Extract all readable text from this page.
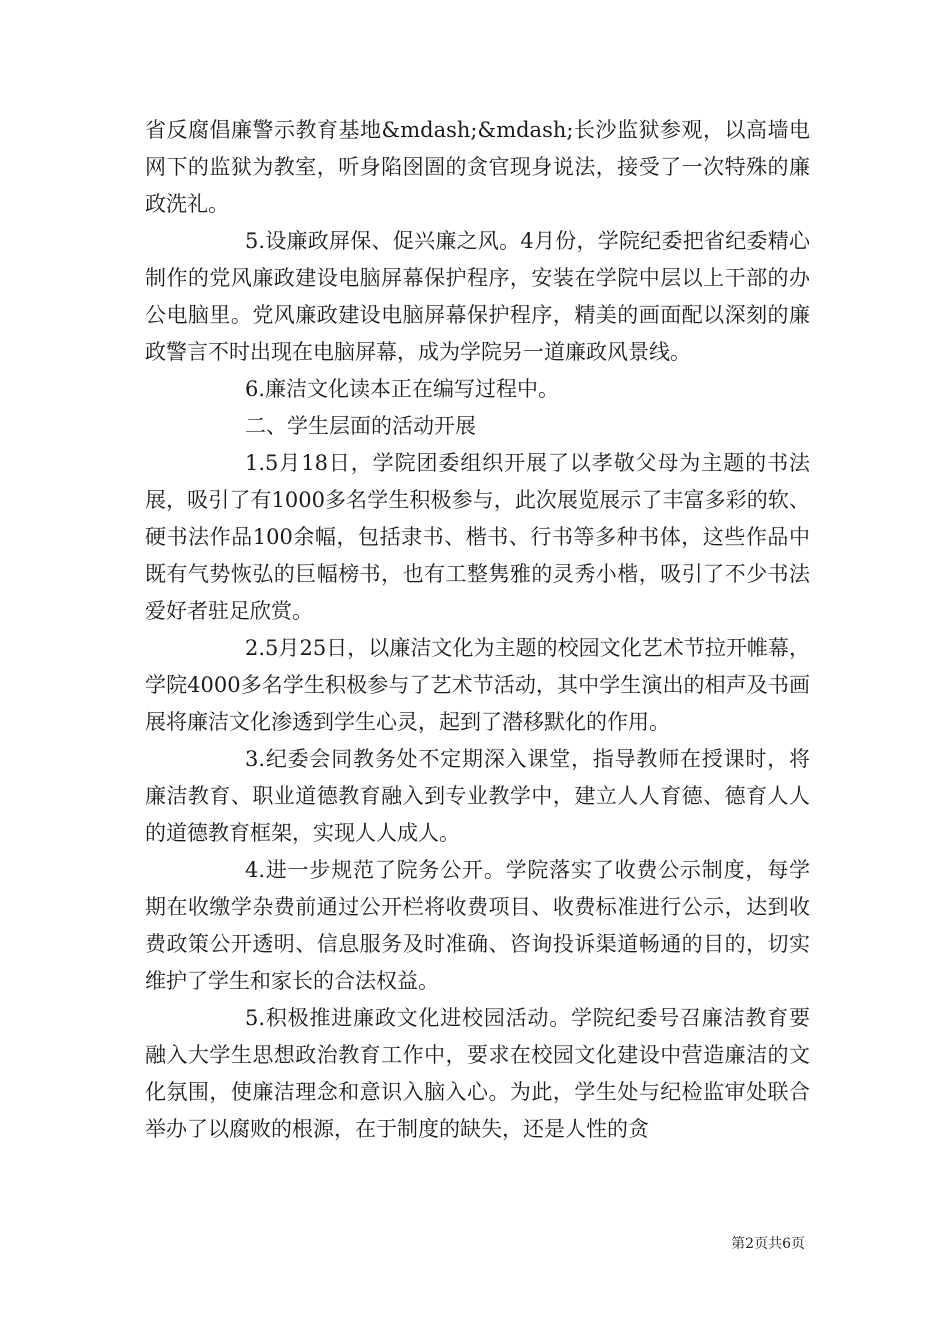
省反腐倡廉警示教育基地&mdash;&mdash;长沙监狱参观，以高墙电网下的监狱为教室，听身陷囹圄的贪官现身说法，接受了一次特殊的廉政洗礼。

5.设廉政屏保、促兴廉之风。4月份，学院纪委把省纪委精心制作的党风廉政建设电脑屏幕保护程序，安装在学院中层以上干部的办公电脑里。党风廉政建设电脑屏幕保护程序，精美的画面配以深刻的廉政警言不时出现在电脑屏幕，成为学院另一道廉政风景线。

6.廉洁文化读本正在编写过程中。

二、学生层面的活动开展

1.5月18日，学院团委组织开展了以孝敬父母为主题的书法展，吸引了有1000多名学生积极参与，此次展览展示了丰富多彩的软、硬书法作品100余幅，包括隶书、楷书、行书等多种书体，这些作品中既有气势恢弘的巨幅榜书，也有工整隽雅的灵秀小楷，吸引了不少书法爱好者驻足欣赏。

2.5月25日，以廉洁文化为主题的校园文化艺术节拉开帷幕，学院4000多名学生积极参与了艺术节活动，其中学生演出的相声及书画展将廉洁文化渗透到学生心灵，起到了潜移默化的作用。

3.纪委会同教务处不定期深入课堂，指导教师在授课时，将廉洁教育、职业道德教育融入到专业教学中，建立人人育德、德育人人的道德教育框架，实现人人成人。

4.进一步规范了院务公开。学院落实了收费公示制度，每学期在收缴学杂费前通过公开栏将收费项目、收费标准进行公示，达到收费政策公开透明、信息服务及时准确、咨询投诉渠道畅通的目的，切实维护了学生和家长的合法权益。

5.积极推进廉政文化进校园活动。学院纪委号召廉洁教育要融入大学生思想政治教育工作中，要求在校园文化建设中营造廉洁的文化氛围，使廉洁理念和意识入脑入心。为此，学生处与纪检监审处联合举办了以腐败的根源，在于制度的缺失，还是人性的贪

第2页共6页
